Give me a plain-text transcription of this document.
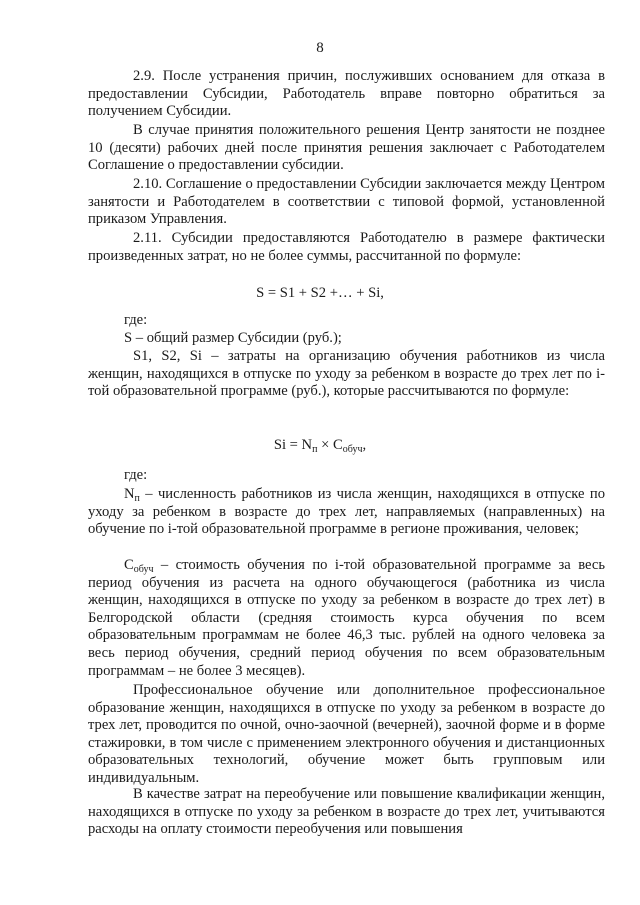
8

2.9. После устранения причин, послуживших основанием для отказа в предоставлении Субсидии, Работодатель вправе повторно обратиться за получением Субсидии.

В случае принятия положительного решения Центр занятости не позднее 10 (десяти) рабочих дней после принятия решения заключает с Работодателем Соглашение о предоставлении субсидии.

2.10. Соглашение о предоставлении Субсидии заключается между Центром занятости и Работодателем в соответствии с типовой формой, установленной приказом Управления.

2.11. Субсидии предоставляются Работодателю в размере фактически произведенных затрат, но не более суммы, рассчитанной по формуле:

S = S1 + S2 +… + Si,

где:

S – общий размер Субсидии (руб.);

S1, S2, Si – затраты на организацию обучения работников из числа женщин, находящихся в отпуске по уходу за ребенком в возрасте до трех лет по i-той образовательной программе (руб.), которые рассчитываются по формуле:

$Si = N_п \times С_{обуч}$,

где:

$N_п$ – численность работников из числа женщин, находящихся в отпуске по уходу за ребенком в возрасте до трех лет, направляемых (направленных) на обучение по i-той образовательной программе в регионе проживания, человек;

$С_{обуч}$ – стоимость обучения по i-той образовательной программе за весь период обучения из расчета на одного обучающегося (работника из числа женщин, находящихся в отпуске по уходу за ребенком в возрасте до трех лет) в Белгородской области (средняя стоимость курса обучения по всем образовательным программам не более 46,3 тыс. рублей на одного человека за весь период обучения, средний период обучения по всем образовательным программам – не более 3 месяцев).

Профессиональное обучение или дополнительное профессиональное образование женщин, находящихся в отпуске по уходу за ребенком в возрасте до трех лет, проводится по очной, очно-заочной (вечерней), заочной форме и в форме стажировки, в том числе с применением электронного обучения и дистанционных образовательных технологий, обучение может быть групповым или индивидуальным.

В качестве затрат на переобучение или повышение квалификации женщин, находящихся в отпуске по уходу за ребенком в возрасте до трех лет, учитываются расходы на оплату стоимости переобучения или повышения
